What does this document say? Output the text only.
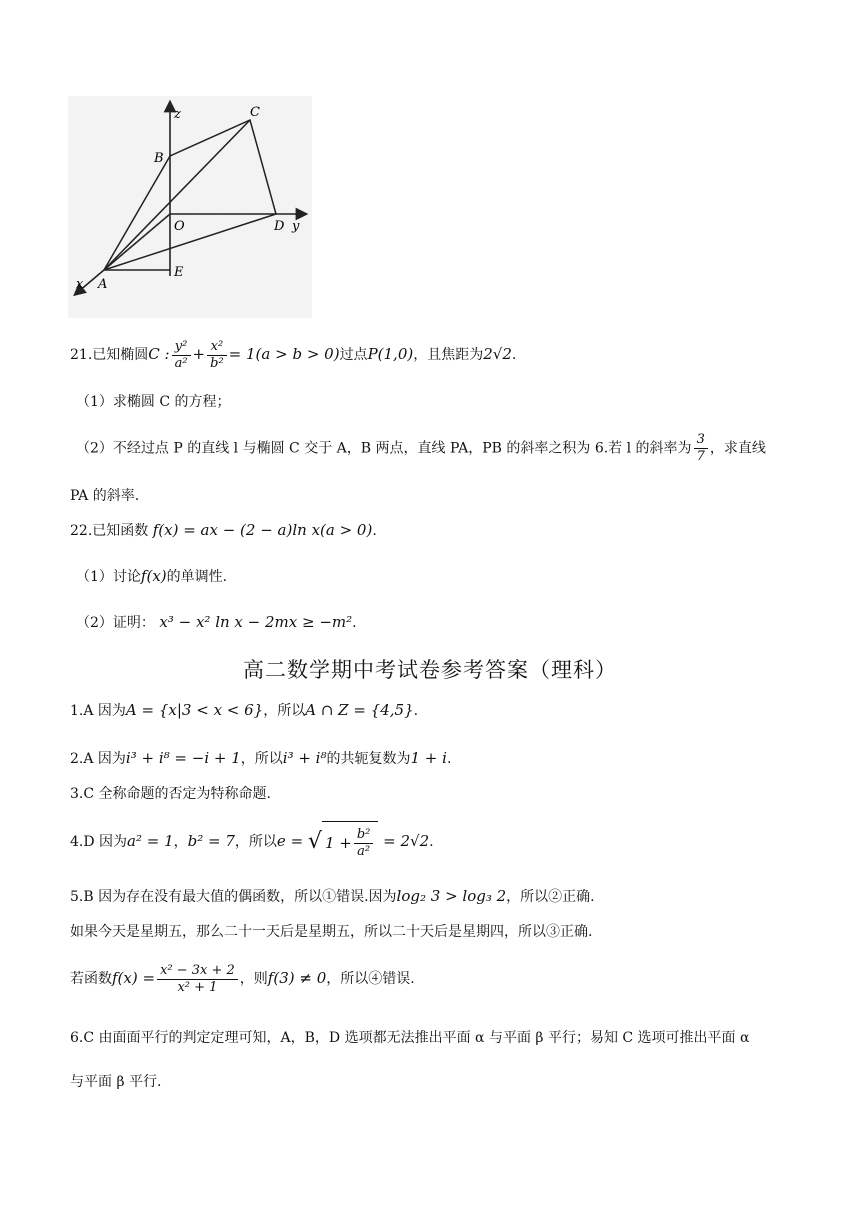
z	C
B
O	D y
E
x A
21.已知椭圆C : $\frac{\text{y²}}{\text{a²}} + \frac{\text{x²}}{\text{b²}} = 1(a > b > 0)$过点P(1,0)，且焦距为2√2.
（1）求椭圆 C 的方程；
（2）不经过点 P 的直线 l 与椭圆 C 交于 A，B 两点，直线 PA，PB 的斜率之积为 6.若 l 的斜率为 $\frac{3}{7}$ ，求直线
PA 的斜率.
22.已知函数 f(x) = ax − (2 − a)ln x(a > 0).
（1）讨论f(x)的单调性.
（2）证明： x³ − x² ln x − 2mx ≥ −m².
高二数学期中考试卷参考答案（理科）
1.A 因为A = {x|3 < x < 6}，所以A ∩ Z = {4,5}.
2.A 因为i³ + i⁸ = −i + 1，所以i³ + i⁸的共轭复数为1 + i.
3.C 全称命题的否定为特称命题.
4.D 因为a² = 1，b² = 7，所以e = √ $1 + \frac{\text{b²}}{\text{a²}} = 2√2$.
5.B 因为存在没有最大值的偶函数，所以①错误.因为log₂ 3 > log₃ 2，所以②正确.
如果今天是星期五，那么二十一天后是星期五，所以二十天后是星期四，所以③正确.
若函数$f(x) = \frac{\text{x² − 3x + 2}}{\text{x² + 1}}$ ，则f(3) ≠ 0，所以④错误.
6.C 由面面平行的判定定理可知，A，B，D 选项都无法推出平面 α 与平面 β 平行；易知 C 选项可推出平面 α
与平面 β 平行.
